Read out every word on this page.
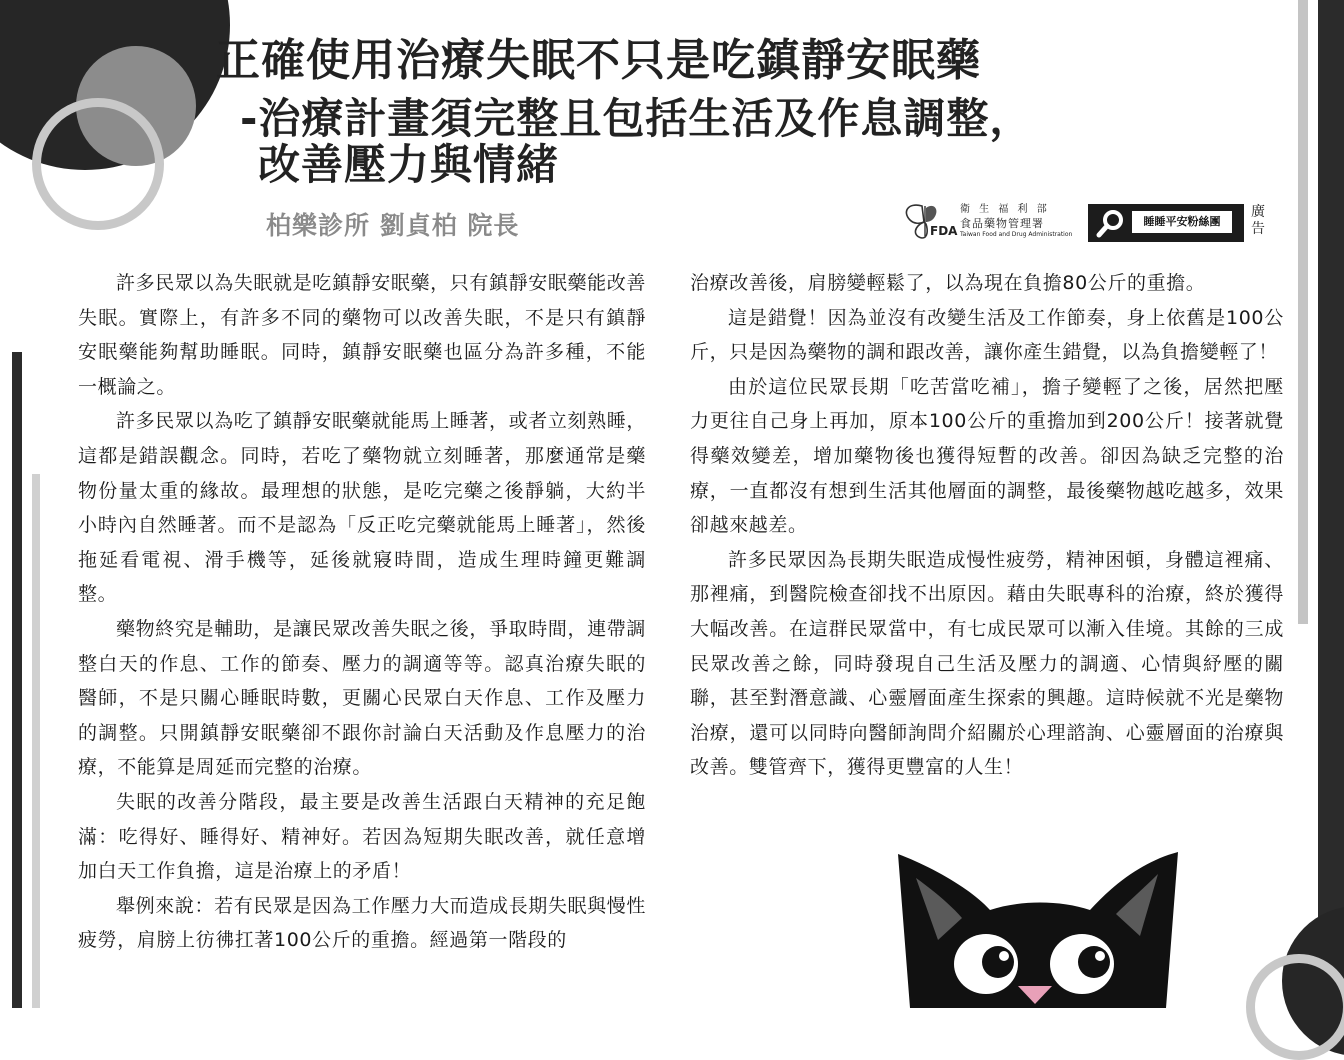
正確使用治療失眠不只是吃鎮靜安眠藥
-治療計畫須完整且包括生活及作息調整，
改善壓力與情緒
柏樂診所 劉貞柏 院長	FDA
衛 生 福 利 部
食品藥物管理署
Taiwan Food and Drug Administration
睡睡平安粉絲團
廣告

許多民眾以為失眠就是吃鎮靜安眠藥，只有鎮靜安眠藥能改善失眠。實際上，有許多不同的藥物可以改善失眠，不是只有鎮靜安眠藥能夠幫助睡眠。同時，鎮靜安眠藥也區分為許多種，不能一概論之。

許多民眾以為吃了鎮靜安眠藥就能馬上睡著，或者立刻熟睡，這都是錯誤觀念。同時，若吃了藥物就立刻睡著，那麼通常是藥物份量太重的緣故。最理想的狀態，是吃完藥之後靜躺，大約半小時內自然睡著。而不是認為「反正吃完藥就能馬上睡著」，然後拖延看電視、滑手機等，延後就寢時間，造成生理時鐘更難調整。

藥物終究是輔助，是讓民眾改善失眠之後，爭取時間，連帶調整白天的作息、工作的節奏、壓力的調適等等。認真治療失眠的醫師，不是只關心睡眠時數，更關心民眾白天作息、工作及壓力的調整。只開鎮靜安眠藥卻不跟你討論白天活動及作息壓力的治療，不能算是周延而完整的治療。

失眠的改善分階段，最主要是改善生活跟白天精神的充足飽滿：吃得好、睡得好、精神好。若因為短期失眠改善，就任意增加白天工作負擔，這是治療上的矛盾！

舉例來說：若有民眾是因為工作壓力大而造成長期失眠與慢性疲勞，肩膀上彷彿扛著100公斤的重擔。經過第一階段的

治療改善後，肩膀變輕鬆了，以為現在負擔80公斤的重擔。

這是錯覺！因為並沒有改變生活及工作節奏，身上依舊是100公斤，只是因為藥物的調和跟改善，讓你產生錯覺，以為負擔變輕了！

由於這位民眾長期「吃苦當吃補」，擔子變輕了之後，居然把壓力更往自己身上再加，原本100公斤的重擔加到200公斤！接著就覺得藥效變差，增加藥物後也獲得短暫的改善。卻因為缺乏完整的治療，一直都沒有想到生活其他層面的調整，最後藥物越吃越多，效果卻越來越差。

許多民眾因為長期失眠造成慢性疲勞，精神困頓，身體這裡痛、那裡痛，到醫院檢查卻找不出原因。藉由失眠專科的治療，終於獲得大幅改善。在這群民眾當中，有七成民眾可以漸入佳境。其餘的三成民眾改善之餘，同時發現自己生活及壓力的調適、心情與紓壓的關聯，甚至對潛意識、心靈層面產生探索的興趣。這時候就不光是藥物治療，還可以同時向醫師詢問介紹關於心理諮詢、心靈層面的治療與改善。雙管齊下，獲得更豐富的人生！
